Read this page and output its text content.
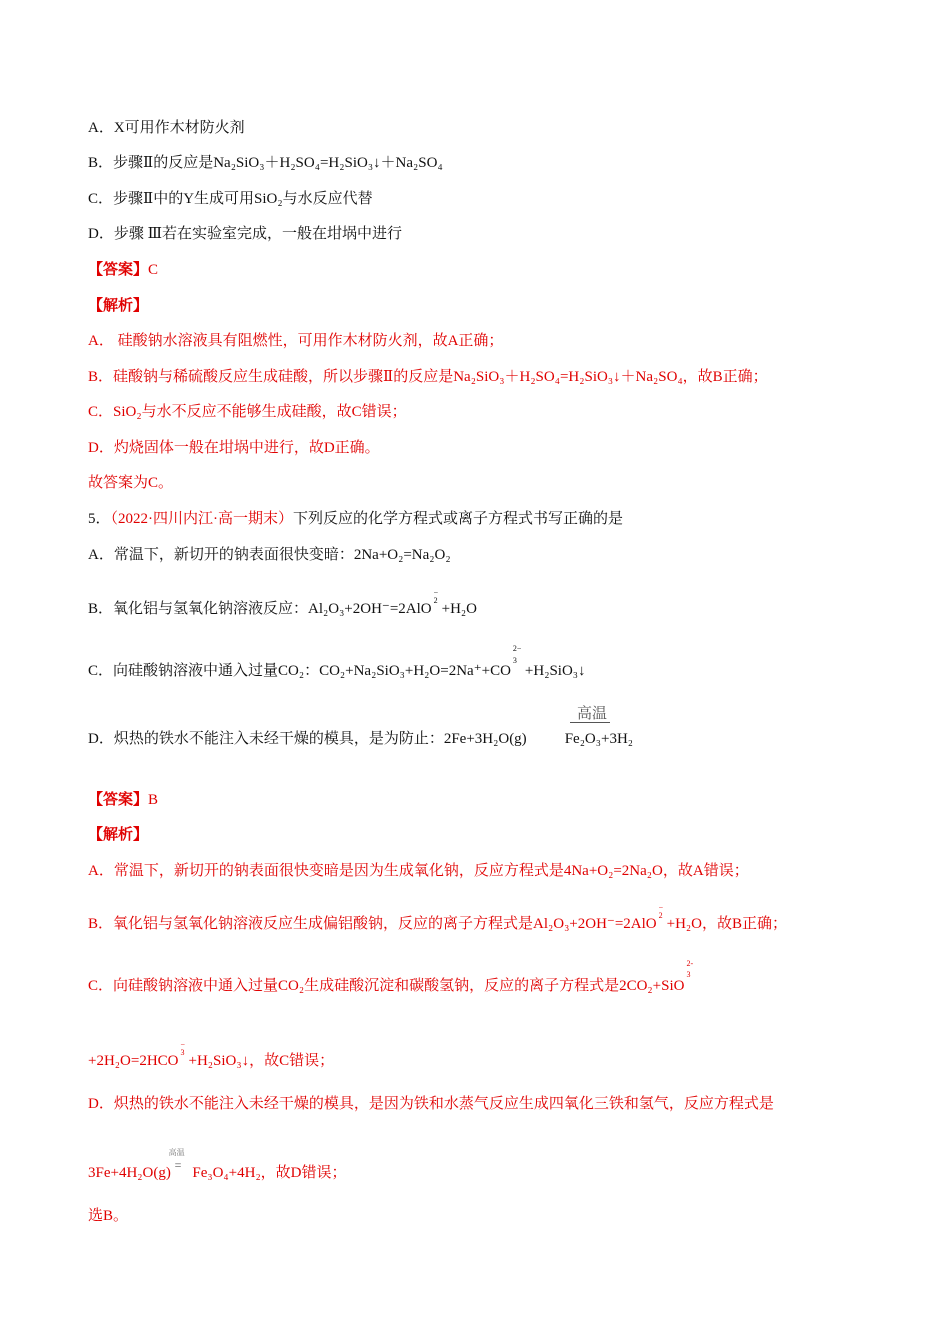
A．X可用作木材防火剂
B．步骤Ⅱ的反应是Na₂SiO₃＋H₂SO₄=H₂SiO₃↓＋Na₂SO₄
C．步骤Ⅱ中的Y生成可用SiO₂与水反应代替
D．步骤 Ⅲ若在实验室完成，一般在坩埚中进行
【答案】C
【解析】
A． 硅酸钠水溶液具有阻燃性，可用作木材防火剂，故A正确；
B．硅酸钠与稀硫酸反应生成硅酸，所以步骤Ⅱ的反应是Na₂SiO₃＋H₂SO₄=H₂SiO₃↓＋Na₂SO₄，故B正确；
C．SiO₂与水不反应不能够生成硅酸，故C错误；
D．灼烧固体一般在坩埚中进行，故D正确。
故答案为C。
5．（2022·四川内江·高一期末）下列反应的化学方程式或离子方程式书写正确的是
A．常温下，新切开的钠表面很快变暗：2Na+O₂=Na₂O₂
B．氧化铝与氢氧化钠溶液反应：Al₂O₃+2OH⁻=2AlO
−
2
+H₂O
C．向硅酸钠溶液中通入过量CO₂：CO₂+Na₂SiO₃+H₂O=2Na⁺+CO
2−
3
+H₂SiO₃↓
D．炽热的铁水不能注入未经干燥的模具，是为防止：2Fe+3H₂O(g)	Fe₂O₃+3H₂
高温
【答案】B
【解析】
A．常温下，新切开的钠表面很快变暗是因为生成氧化钠，反应方程式是4Na+O₂=2Na₂O，故A错误；
B．氧化铝与氢氧化钠溶液反应生成偏铝酸钠，反应的离子方程式是Al₂O₃+2OH⁻=2AlO
−
2
+H₂O，故B正确；
C．向硅酸钠溶液中通入过量CO₂生成硅酸沉淀和碳酸氢钠，反应的离子方程式是2CO₂+SiO
2-
3
+2H₂O=2HCO
−
3
+H₂SiO₃↓，故C错误；
D．炽热的铁水不能注入未经干燥的模具，是因为铁和水蒸气反应生成四氧化三铁和氢气，反应方程式是
3Fe+4H₂O(g)
高温
= Fe₃O₄+4H₂，故D错误；
选B。
